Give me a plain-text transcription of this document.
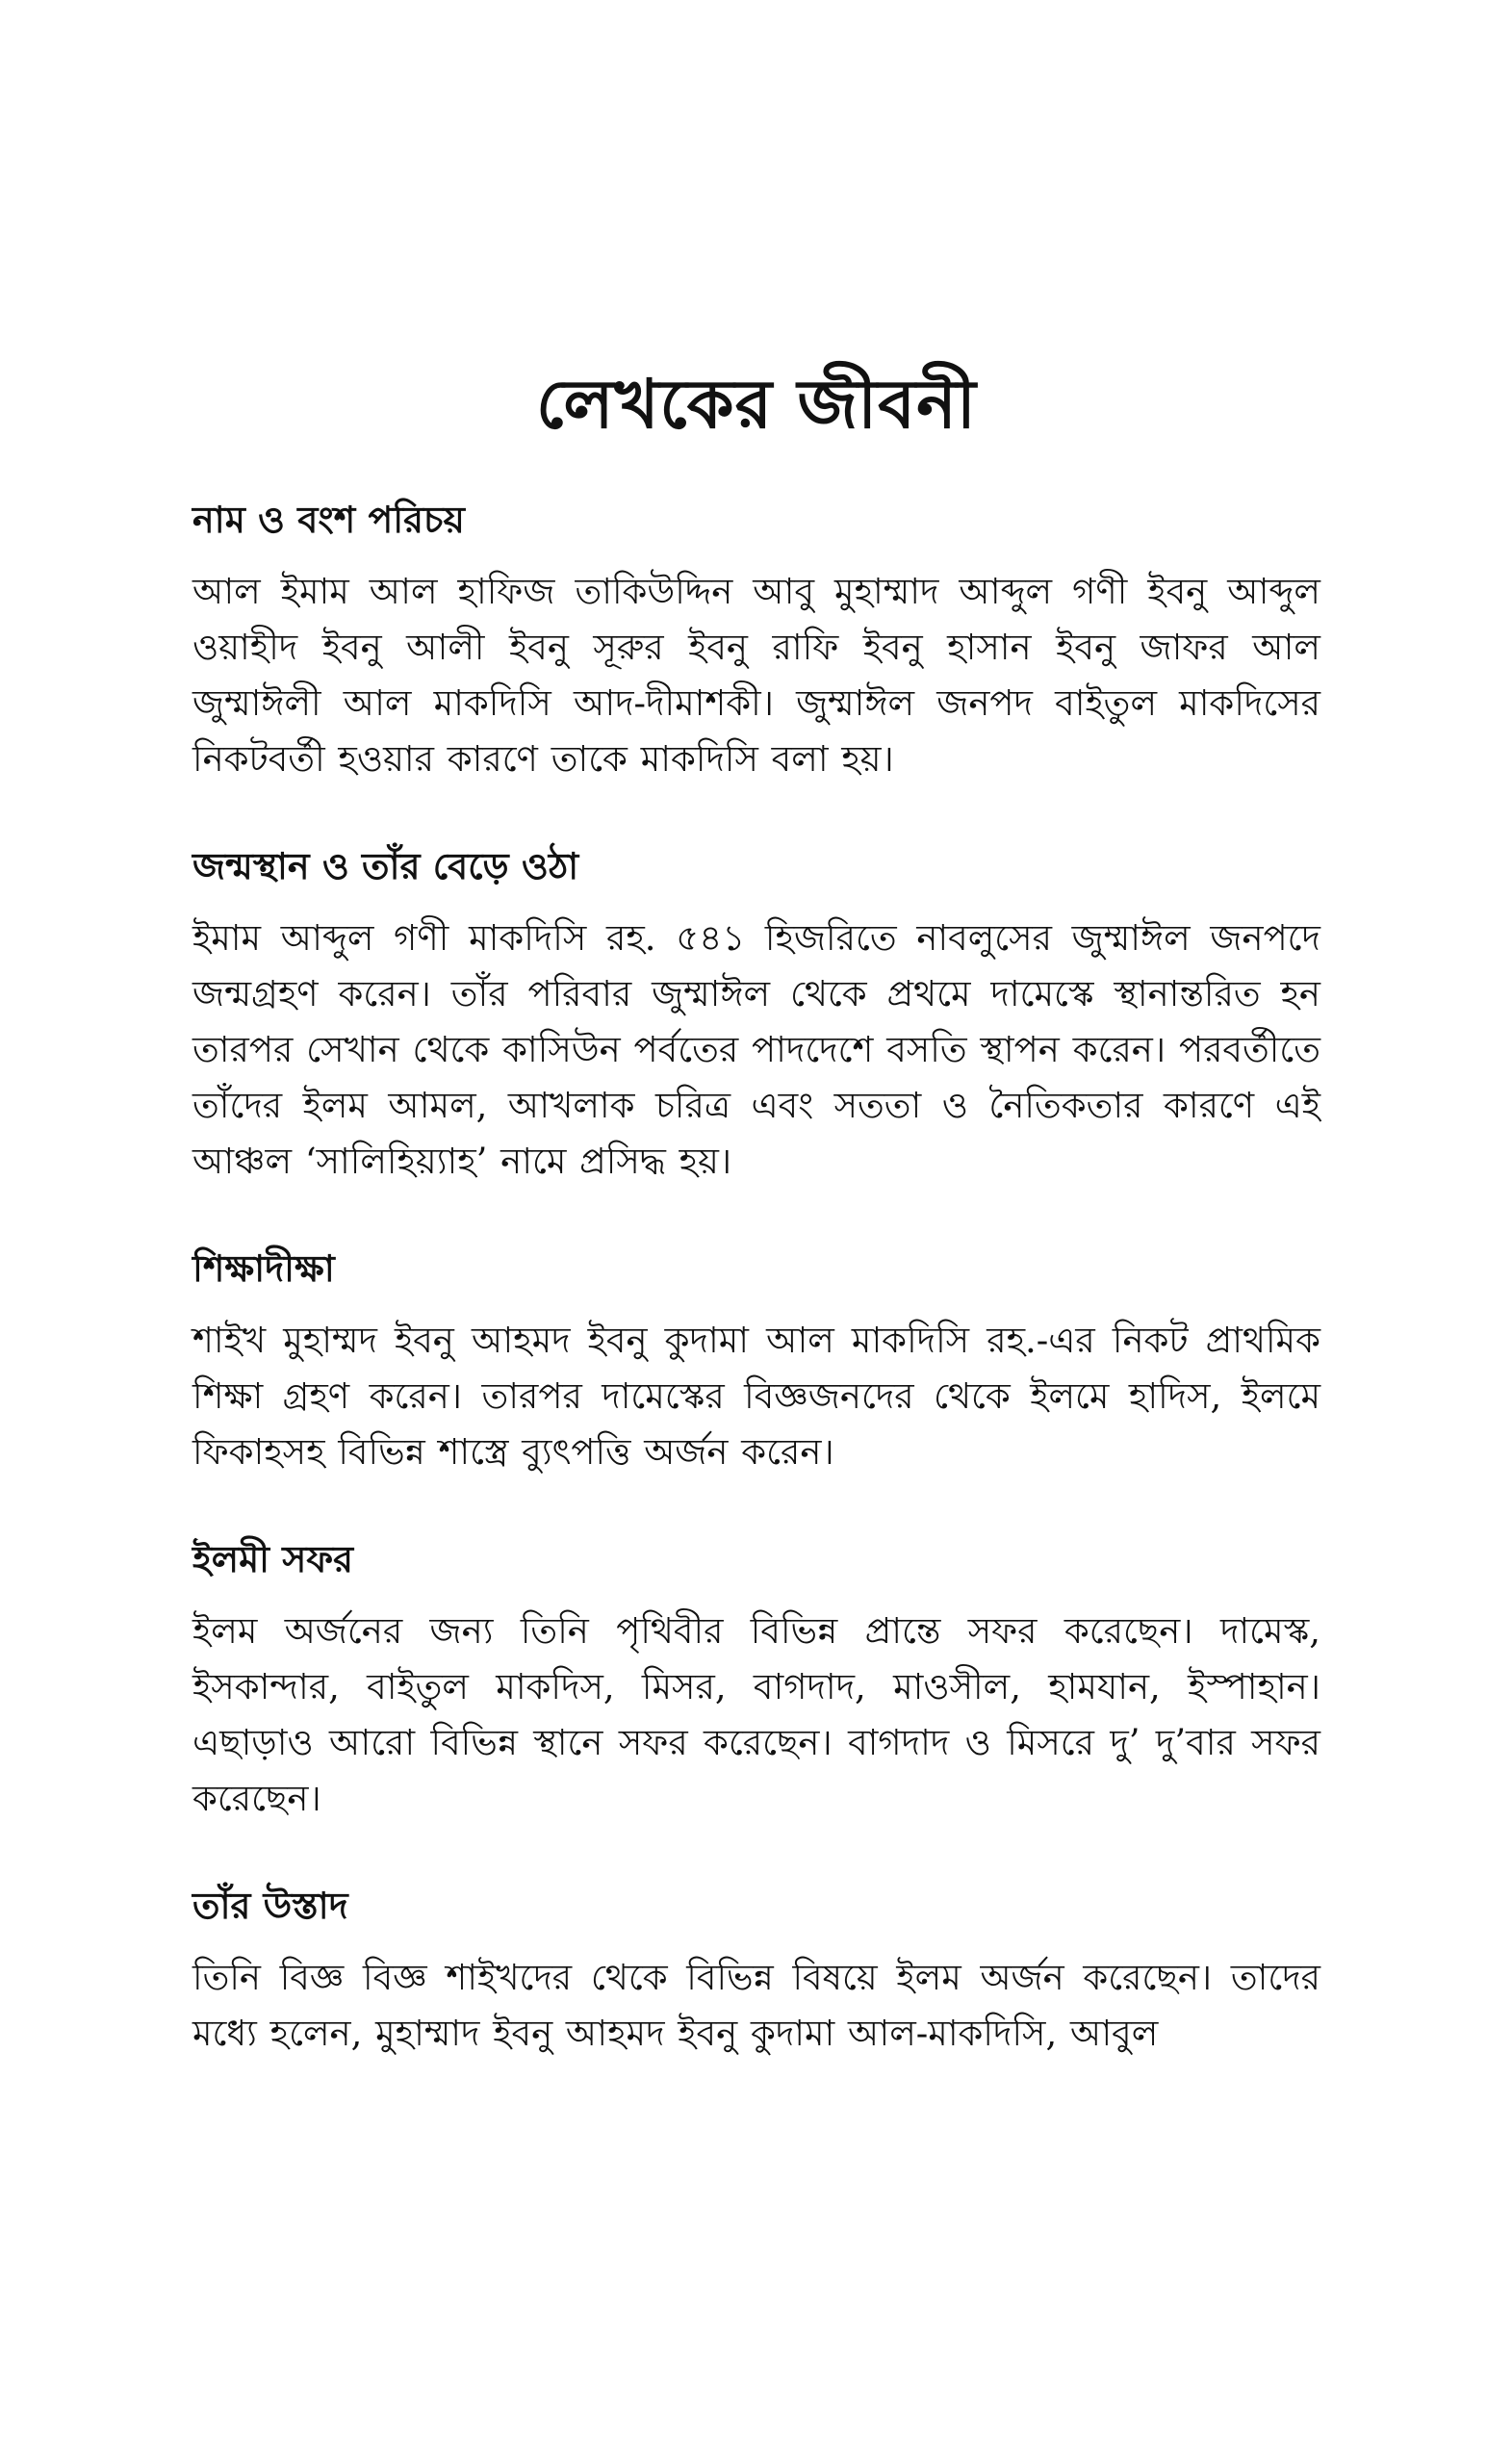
লেখকের জীবনী
নাম ও বংশ পরিচয়

আল ইমাম আল হাফিজ তাকিউদ্দিন আবু মুহাম্মাদ আব্দুল গণী ইবনু আব্দুল ওয়াহীদ ইবনু আলী ইবনু সূরুর ইবনু রাফি ইবনু হাসান ইবনু জাফর আল জুম্মাঈলী আল মাকদিসি আদ-দীমাশকী। জুম্মাঈল জনপদ বাইতুল মাকদিসের নিকটবর্তী হওয়ার কারণে তাকে মাকদিসি বলা হয়।

জন্মস্থান ও তাঁর বেড়ে ওঠা

ইমাম আব্দুল গণী মাকদিসি রহ. ৫৪১ হিজরিতে নাবলুসের জুম্মাঈল জনপদে জন্মগ্রহণ করেন। তাঁর পরিবার জুম্মাঈল থেকে প্রথমে দামেস্কে স্থানান্তরিত হন তারপর সেখান থেকে কাসিউন পর্বতের পাদদেশে বসতি স্থাপন করেন। পরবর্তীতে তাঁদের ইলম আমল, আখলাক চরিত্র এবং সততা ও নৈতিকতার কারণে এই আঞ্চল ‘সালিহিয়্যাহ’ নামে প্রসিদ্ধ হয়।

শিক্ষাদীক্ষা

শাইখ মুহাম্মদ ইবনু আহমদ ইবনু কুদামা আল মাকদিসি রহ.-এর নিকট প্রাথমিক শিক্ষা গ্রহণ করেন। তারপর দামেস্কের বিজ্ঞজনদের থেকে ইলমে হাদিস, ইলমে ফিকাহসহ বিভিন্ন শাস্ত্রে ব্যুৎপত্তি অর্জন করেন।

ইলমী সফর

ইলম অর্জনের জন্য তিনি পৃথিবীর বিভিন্ন প্রান্তে সফর করেছেন। দামেস্ক, ইসকান্দার, বাইতুল মাকদিস, মিসর, বাগদাদ, মাওসীল, হামযান, ইস্পাহান। এছাড়াও আরো বিভিন্ন স্থানে সফর করেছেন। বাগদাদ ও মিসরে দু’ দু’বার সফর করেছেন।

তাঁর উস্তাদ

তিনি বিজ্ঞ বিজ্ঞ শাইখদের থেকে বিভিন্ন বিষয়ে ইলম অর্জন করেছেন। তাদের মধ্যে হলেন, মুহাম্মাদ ইবনু আহমদ ইবনু কুদামা আল-মাকদিসি, আবুল
